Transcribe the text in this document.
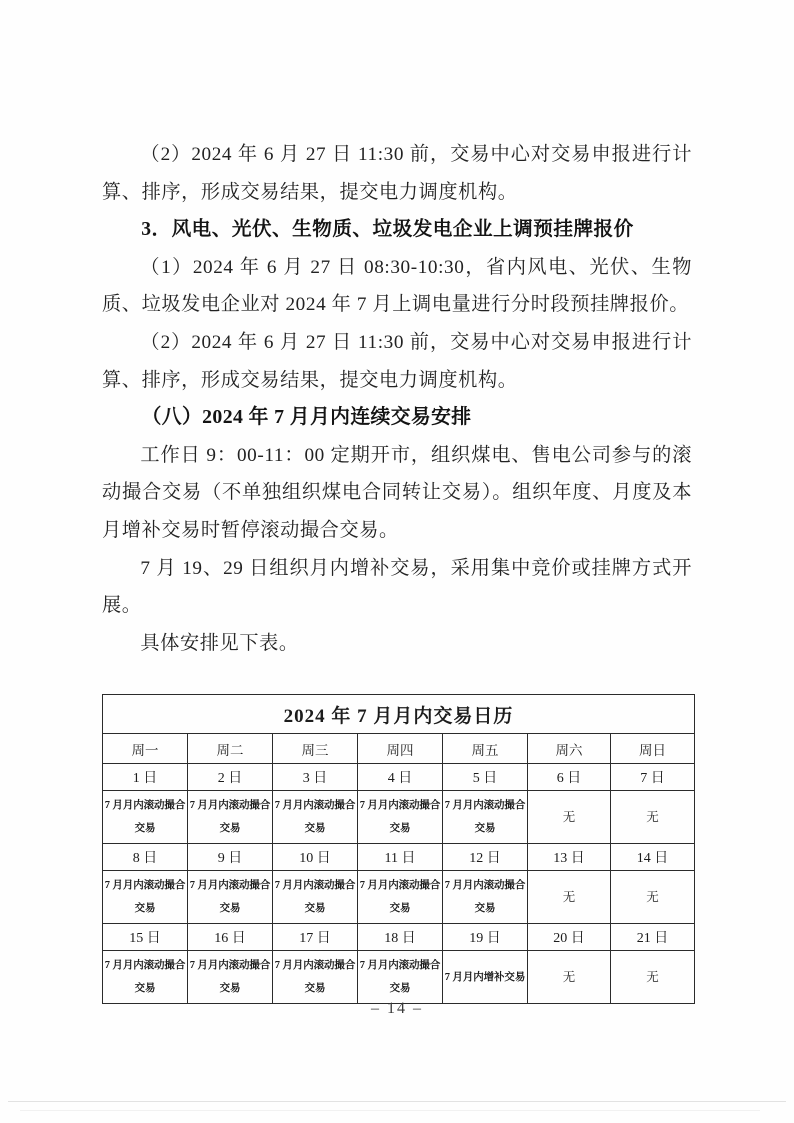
（2）2024 年 6 月 27 日 11:30 前，交易中心对交易申报进行计算、排序，形成交易结果，提交电力调度机构。

3．风电、光伏、生物质、垃圾发电企业上调预挂牌报价

（1）2024 年 6 月 27 日 08:30-10:30，省内风电、光伏、生物质、垃圾发电企业对 2024 年 7 月上调电量进行分时段预挂牌报价。

（2）2024 年 6 月 27 日 11:30 前，交易中心对交易申报进行计算、排序，形成交易结果，提交电力调度机构。

（八）2024 年 7 月月内连续交易安排

工作日 9：00-11：00 定期开市，组织煤电、售电公司参与的滚动撮合交易（不单独组织煤电合同转让交易）。组织年度、月度及本月增补交易时暂停滚动撮合交易。

7 月 19、29 日组织月内增补交易，采用集中竞价或挂牌方式开展。

具体安排见下表。

2024 年 7 月月内交易日历						
周一	周二	周三	周四	周五	周六	周日
1 日	2 日	3 日	4 日	5 日	6 日	7 日

7 月月内滚动撮合交易	7 月月内滚动撮合交易	7 月月内滚动撮合交易	7 月月内滚动撮合交易	7 月月内滚动撮合交易	无	无

8 日	9 日	10 日	11 日	12 日	13 日	14 日

7 月月内滚动撮合交易	7 月月内滚动撮合交易	7 月月内滚动撮合交易	7 月月内滚动撮合交易	7 月月内滚动撮合交易	无	无

15 日	16 日	17 日	18 日	19 日	20 日	21 日

7 月月内滚动撮合交易	7 月月内滚动撮合交易	7 月月内滚动撮合交易	7 月月内滚动撮合交易	7 月月内增补交易	无	无
– 14 –
